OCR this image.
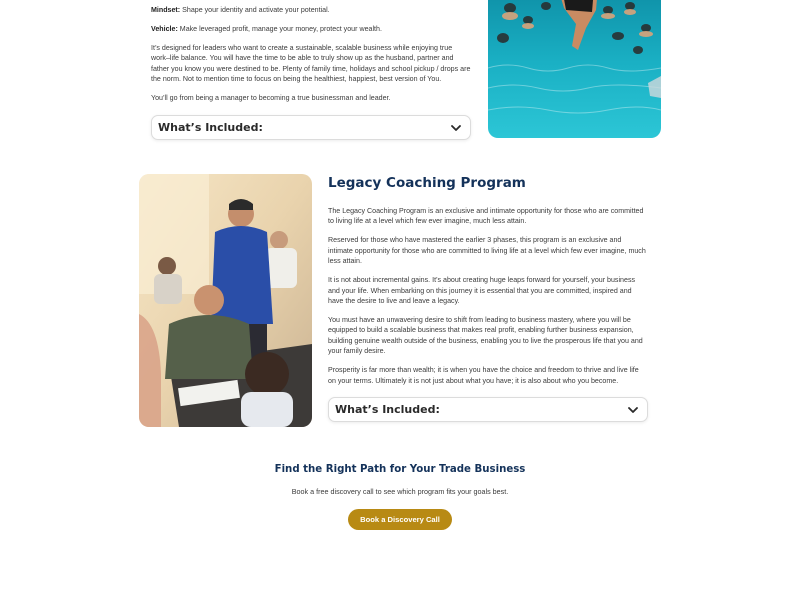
Mindset: Shape your identity and activate your potential.

Vehicle: Make leveraged profit, manage your money, protect your wealth.

It’s designed for leaders who want to create a sustainable, scalable business while enjoying true work–life balance. You will have the time to be able to truly show up as the husband, partner and father you know you were destined to be. Plenty of family time, holidays and school pickup / drops are the norm. Not to mention time to focus on being the healthiest, happiest, best version of You.

You’ll go from being a manager to becoming a true businessman and leader.

What’s Included:
Legacy Coaching Program

The Legacy Coaching Program is an exclusive and intimate opportunity for those who are committed to living life at a level which few ever imagine, much less attain.

Reserved for those who have mastered the earlier 3 phases, this program is an exclusive and intimate opportunity for those who are committed to living life at a level which few ever imagine, much less attain.

It is not about incremental gains. It’s about creating huge leaps forward for yourself, your business and your life. When embarking on this journey it is essential that you are committed, inspired and have the desire to live and leave a legacy.

You must have an unwavering desire to shift from leading to business mastery, where you will be equipped to build a scalable business that makes real profit, enabling further business expansion, building genuine wealth outside of the business, enabling you to live the prosperous life that you and your family desire.

Prosperity is far more than wealth; it is when you have the choice and freedom to thrive and live life on your terms. Ultimately it is not just about what you have; it is also about who you become.

What’s Included:
Find the Right Path for Your Trade Business

Book a free discovery call to see which program fits your goals best.

Book a Discovery Call
